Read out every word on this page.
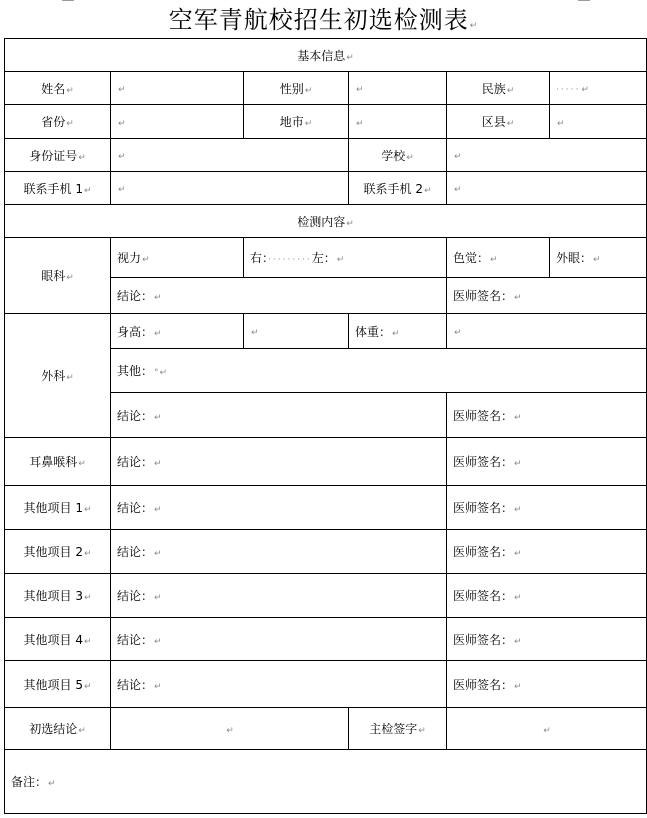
空军青航校招生初选检测表↵
基本信息↵					
姓名↵	↵	性别↵	↵	民族↵	·····↵
省份↵	↵	地市↵	↵	区县↵	↵
身份证号↵	↵		学校↵	↵	
联系手机 1↵	↵		联系手机 2↵	↵	
检测内容↵					
眼科↵	视力↵	右：·········左：↵		色觉：↵	外眼：↵
	结论：↵			医师签名：↵	
外科↵	身高：↵	↵	体重：↵	↵	
	其他：°↵				
	结论：↵			医师签名：↵	
耳鼻喉科↵	结论：↵			医师签名：↵	
其他项目 1↵	结论：↵			医师签名：↵	
其他项目 2↵	结论：↵			医师签名：↵	
其他项目 3↵	结论：↵			医师签名：↵	
其他项目 4↵	结论：↵			医师签名：↵	
其他项目 5↵	结论：↵			医师签名：↵	
初选结论↵	↵		主检签字↵	↵	
备注：↵					
